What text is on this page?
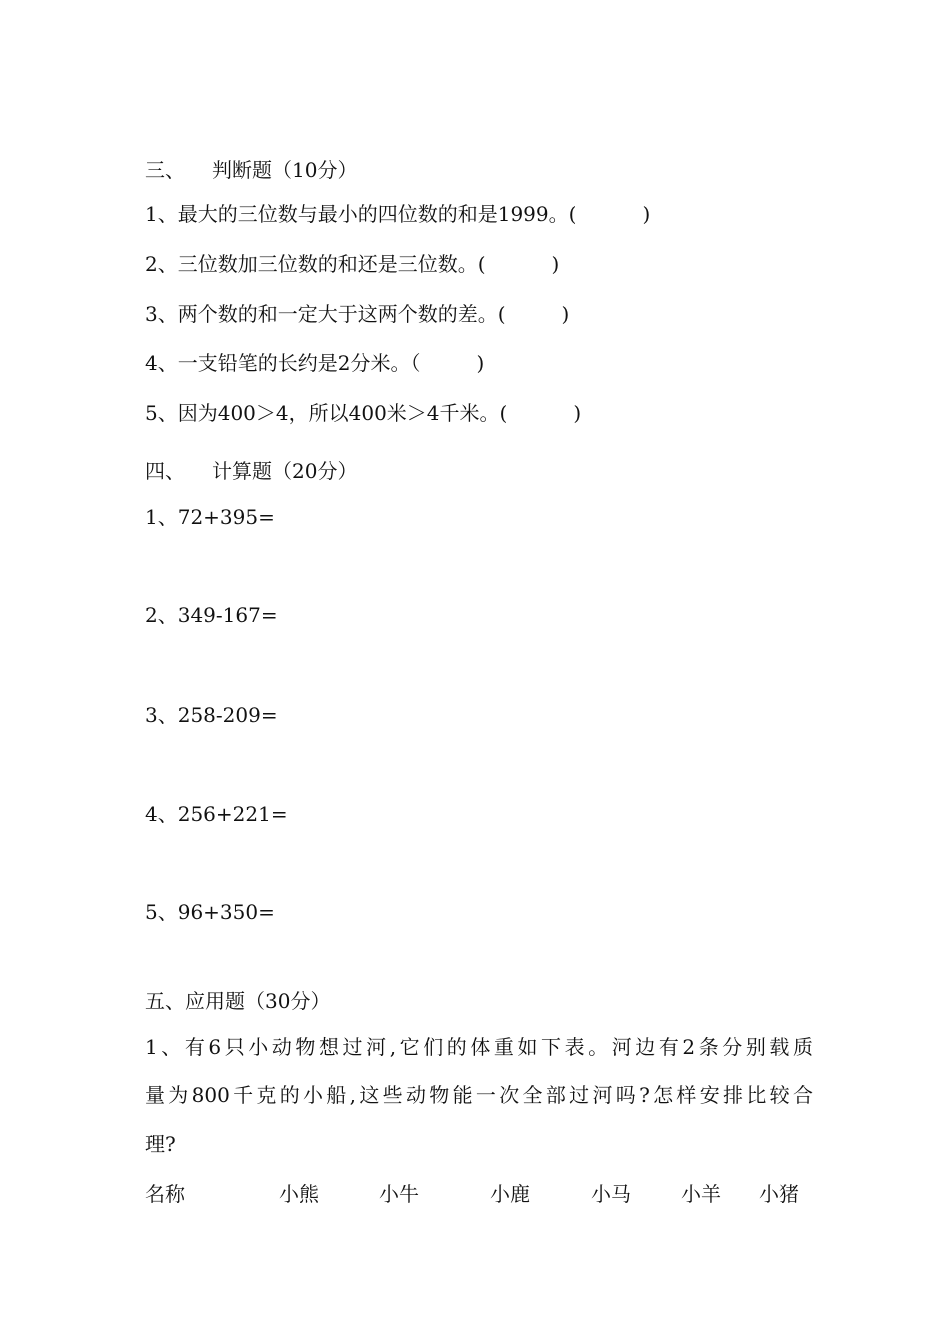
三、 判断题（10分）
1、最大的三位数与最小的四位数的和是1999。(	)
2、三位数加三位数的和还是三位数。(	)
3、两个数的和一定大于这两个数的差。(	)
4、一支铅笔的长约是2分米。（	)
5、因为400＞4，所以400米＞4千米。(	)
四、 计算题（20分）
1、72+395=
2、349-167=
3、258-209=
4、256+221=
5、96+350=
五、应用题（30分）
1、有6只小动物想过河,它们的体重如下表。河边有2条分别载质
量为800千克的小船,这些动物能一次全部过河吗?怎样安排比较合
理?
名称	小熊	小牛	小鹿	小马	小羊 小猪
